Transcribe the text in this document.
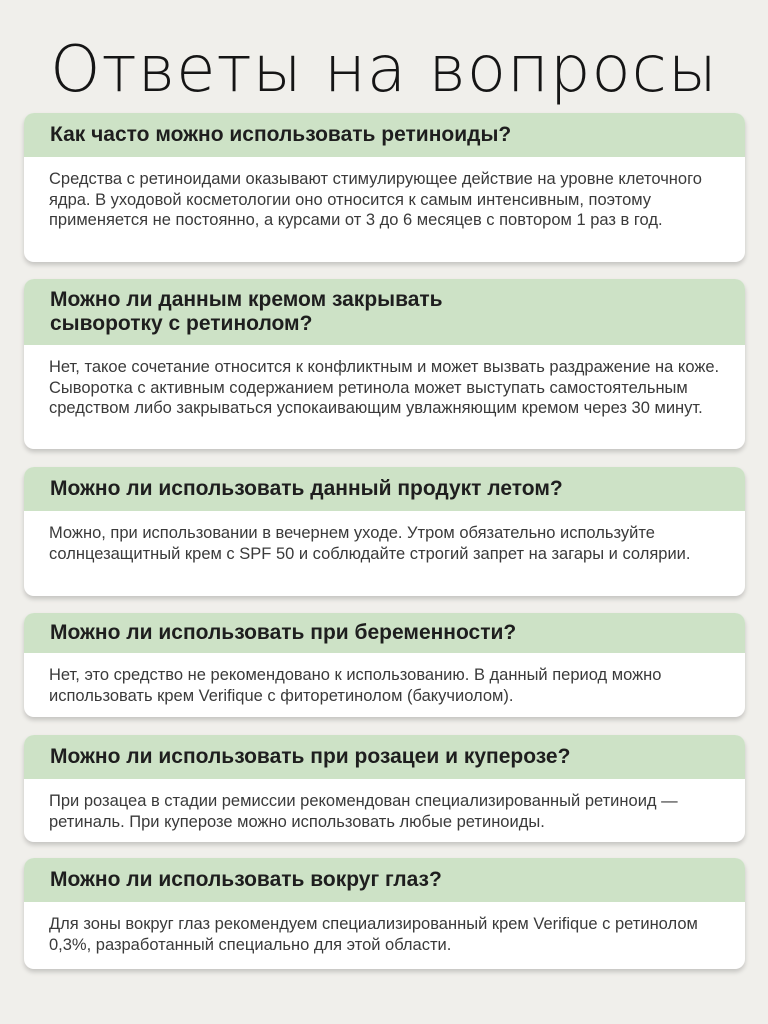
Ответы на вопросы
Как часто можно использовать ретиноиды?

Средства с ретиноидами оказывают стимулирующее действие на уровне клеточного ядра. В уходовой косметологии оно относится к самым интенсивным, поэтому применяется не постоянно, а курсами от 3 до 6 месяцев с повтором 1 раз в год.

Можно ли данным кремом закрывать сыворотку с ретинолом?

Нет, такое сочетание относится к конфликтным и может вызвать раздражение на коже. Сыворотка с активным содержанием ретинола может выступать самостоятельным средством либо закрываться успокаивающим увлажняющим кремом через 30 минут.

Можно ли использовать данный продукт летом?

Можно, при использовании в вечернем уходе. Утром обязательно используйте солнцезащитный крем с SPF 50 и соблюдайте строгий запрет на загары и солярии.

Можно ли использовать при беременности?

Нет, это средство не рекомендовано к использованию. В данный период можно использовать крем Verifique с фиторетинолом (бакучиолом).

Можно ли использовать при розацеи и куперозе?

При розацеа в стадии ремиссии рекомендован специализированный ретиноид — ретиналь. При куперозе можно использовать любые ретиноиды.

Можно ли использовать вокруг глаз?

Для зоны вокруг глаз рекомендуем специализированный крем Verifique с ретинолом 0,3%, разработанный специально для этой области.
